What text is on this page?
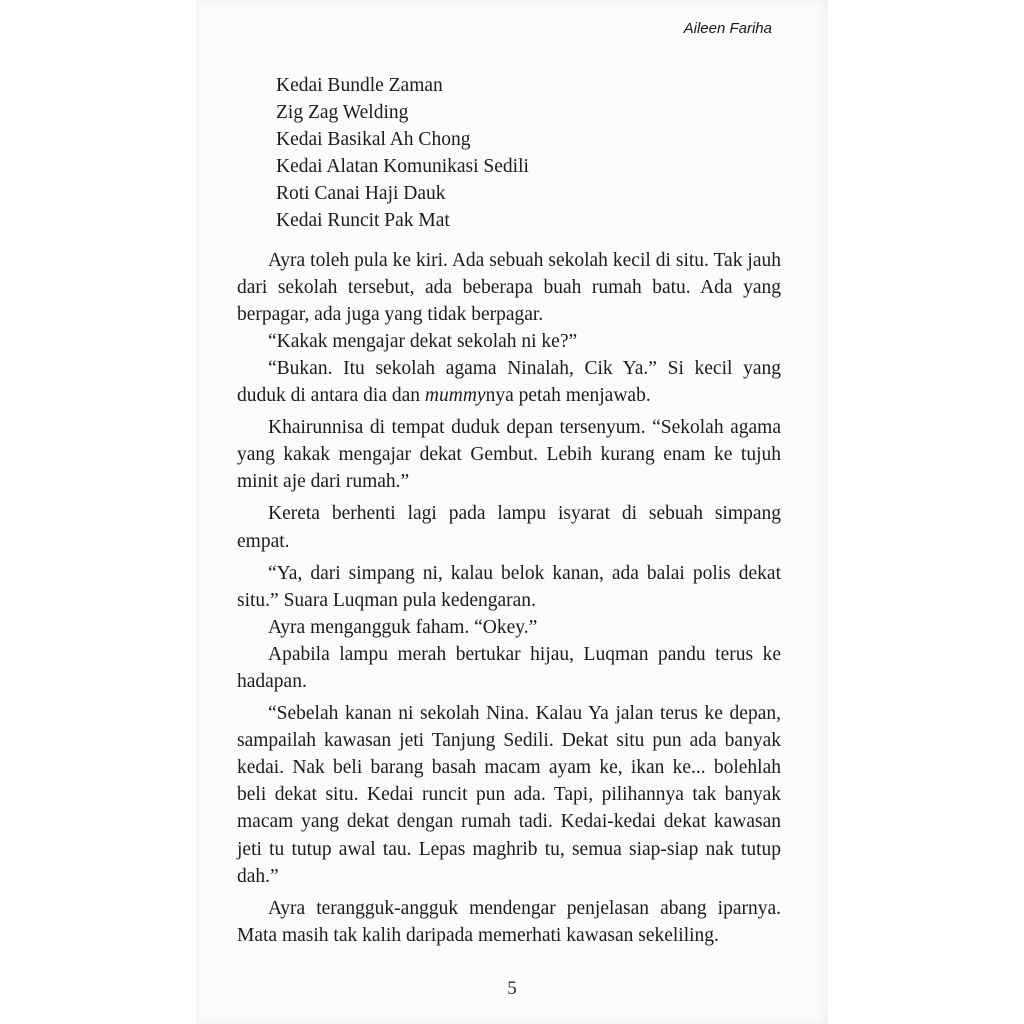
Aileen Fariha
Kedai Bundle Zaman
Zig Zag Welding
Kedai Basikal Ah Chong
Kedai Alatan Komunikasi Sedili
Roti Canai Haji Dauk
Kedai Runcit Pak Mat

Ayra toleh pula ke kiri. Ada sebuah sekolah kecil di situ. Tak jauh dari sekolah tersebut, ada beberapa buah rumah batu. Ada yang berpagar, ada juga yang tidak berpagar.

“Kakak mengajar dekat sekolah ni ke?”

“Bukan. Itu sekolah agama Ninalah, Cik Ya.” Si kecil yang duduk di antara dia dan mummynya petah menjawab.

Khairunnisa di tempat duduk depan tersenyum. “Sekolah agama yang kakak mengajar dekat Gembut. Lebih kurang enam ke tujuh minit aje dari rumah.”

Kereta berhenti lagi pada lampu isyarat di sebuah simpang empat.

“Ya, dari simpang ni, kalau belok kanan, ada balai polis dekat situ.” Suara Luqman pula kedengaran.

Ayra mengangguk faham. “Okey.”

Apabila lampu merah bertukar hijau, Luqman pandu terus ke hadapan.

“Sebelah kanan ni sekolah Nina. Kalau Ya jalan terus ke depan, sampailah kawasan jeti Tanjung Sedili. Dekat situ pun ada banyak kedai. Nak beli barang basah macam ayam ke, ikan ke... bolehlah beli dekat situ. Kedai runcit pun ada. Tapi, pilihannya tak banyak macam yang dekat dengan rumah tadi. Kedai-kedai dekat kawasan jeti tu tutup awal tau. Lepas maghrib tu, semua siap-siap nak tutup dah.”

Ayra terangguk-angguk mendengar penjelasan abang iparnya. Mata masih tak kalih daripada memerhati kawasan sekeliling.

5
